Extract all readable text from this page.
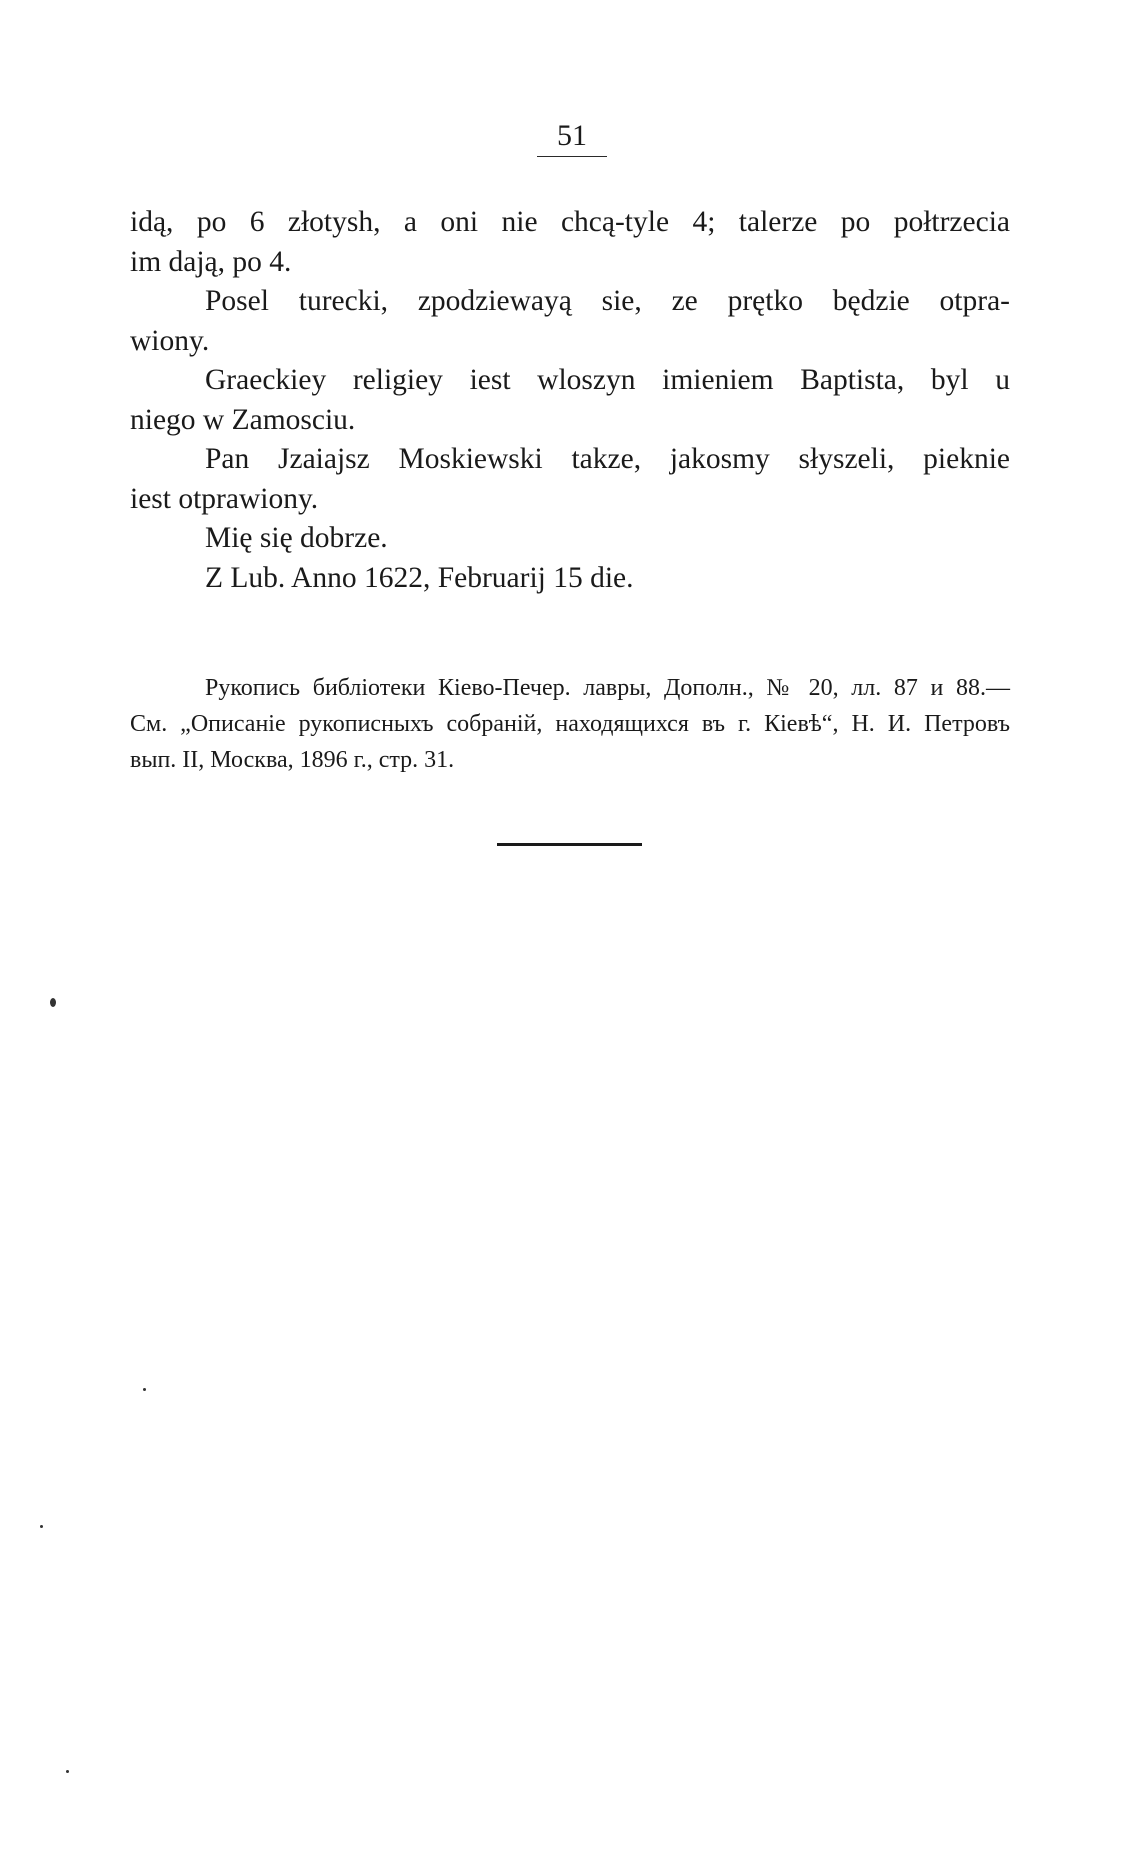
51
idą, po 6 złotysh, a oni nie chcą-tyle 4; talerze po połtrzecia
im dają, po 4.
Posel turecki, zpodziewayą sie, ze prętko będzie otpra-
wiony.
Graeckiey religiey iest wloszyn imieniem Baptista, byl u
niego w Zamosciu.
Pan Jzaiajsz Moskiewski takze, jakosmy słyszeli, pieknie
iest otprawiony.
Mię się dobrze.
Z Lub. Anno 1622, Februarij 15 die.
Рукопись библіотеки Кіево-Печер. лавры, Дополн., № 20, лл. 87 и 88.—
См. „Описаніе рукописныхъ собраній, находящихся въ г. Кіевѣ“, Н. И. Петровъ
вып. II, Москва, 1896 г., стр. 31.
